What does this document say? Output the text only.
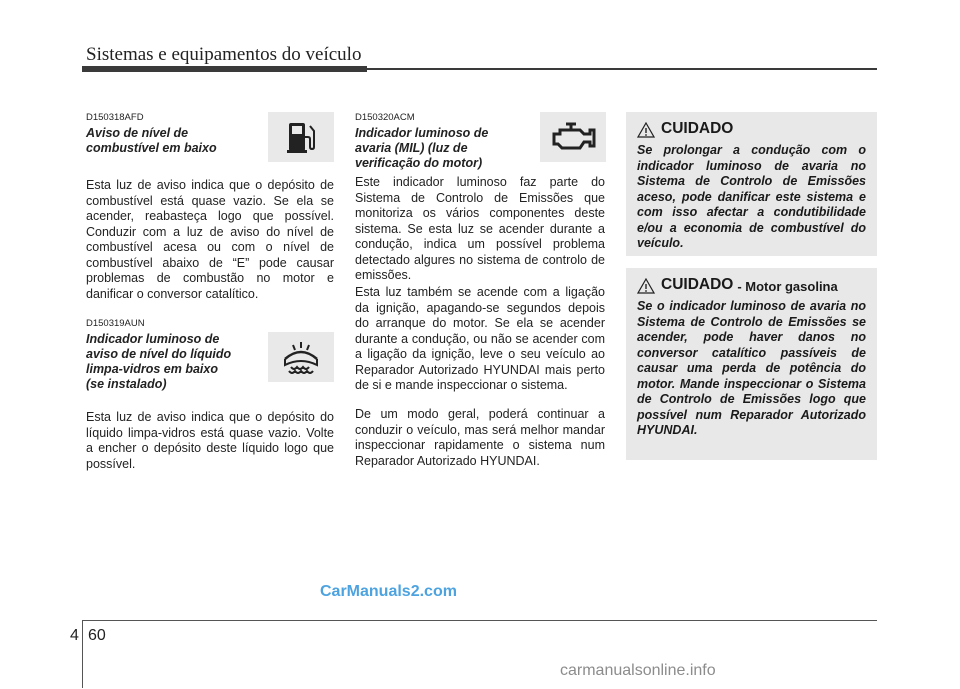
Sistemas e equipamentos do veículo
D150318AFD
Aviso de nível de
combustível em baixo

Esta luz de aviso indica que o depósito de combustível está quase vazio. Se ela se acender, reabasteça logo que possível. Conduzir com a luz de aviso do nível de combustível acesa ou com o nível de combustível abaixo de “E” pode causar problemas de combustão no motor e danificar o conversor catalítico.

D150319AUN
Indicador luminoso de
aviso de nível do líquido
limpa-vidros em baixo
(se instalado)

Esta luz de aviso indica que o depósito do líquido limpa-vidros está quase vazio. Volte a encher o depósito deste líquido logo que possível.

D150320ACM
Indicador luminoso de
avaria (MIL) (luz de
verificação do motor)

Este indicador luminoso faz parte do Sistema de Controlo de Emissões que monitoriza os vários componentes deste sistema. Se esta luz se acender durante a condução, indica um possível problema detectado algures no sistema de controlo de emissões.

Esta luz também se acende com a ligação da ignição, apagando-se segundos depois do arranque do motor. Se ela se acender durante a condução, ou não se acender com a ligação da ignição, leve o seu veículo ao Reparador Autorizado HYUNDAI mais perto de si e mande inspeccionar o sistema.

De um modo geral, poderá continuar a conduzir o veículo, mas será melhor mandar inspeccionar rapidamente o sistema num Reparador Autorizado HYUNDAI.

CUIDADO

Se prolongar a condução com o indicador luminoso de avaria no Sistema de Controlo de Emissões aceso, pode danificar este sistema e com isso afectar a condutibilidade e/ou a economia de combustível do veículo.

CUIDADO - Motor gasolina

Se o indicador luminoso de avaria no Sistema de Controlo de Emissões se acender, pode haver danos no conversor catalítico passíveis de causar uma perda de potência do motor. Mande inspeccionar o Sistema de Controlo de Emissões logo que possível num Reparador Autorizado HYUNDAI.

CarManuals2.com
4 60
carmanualsonline.info
